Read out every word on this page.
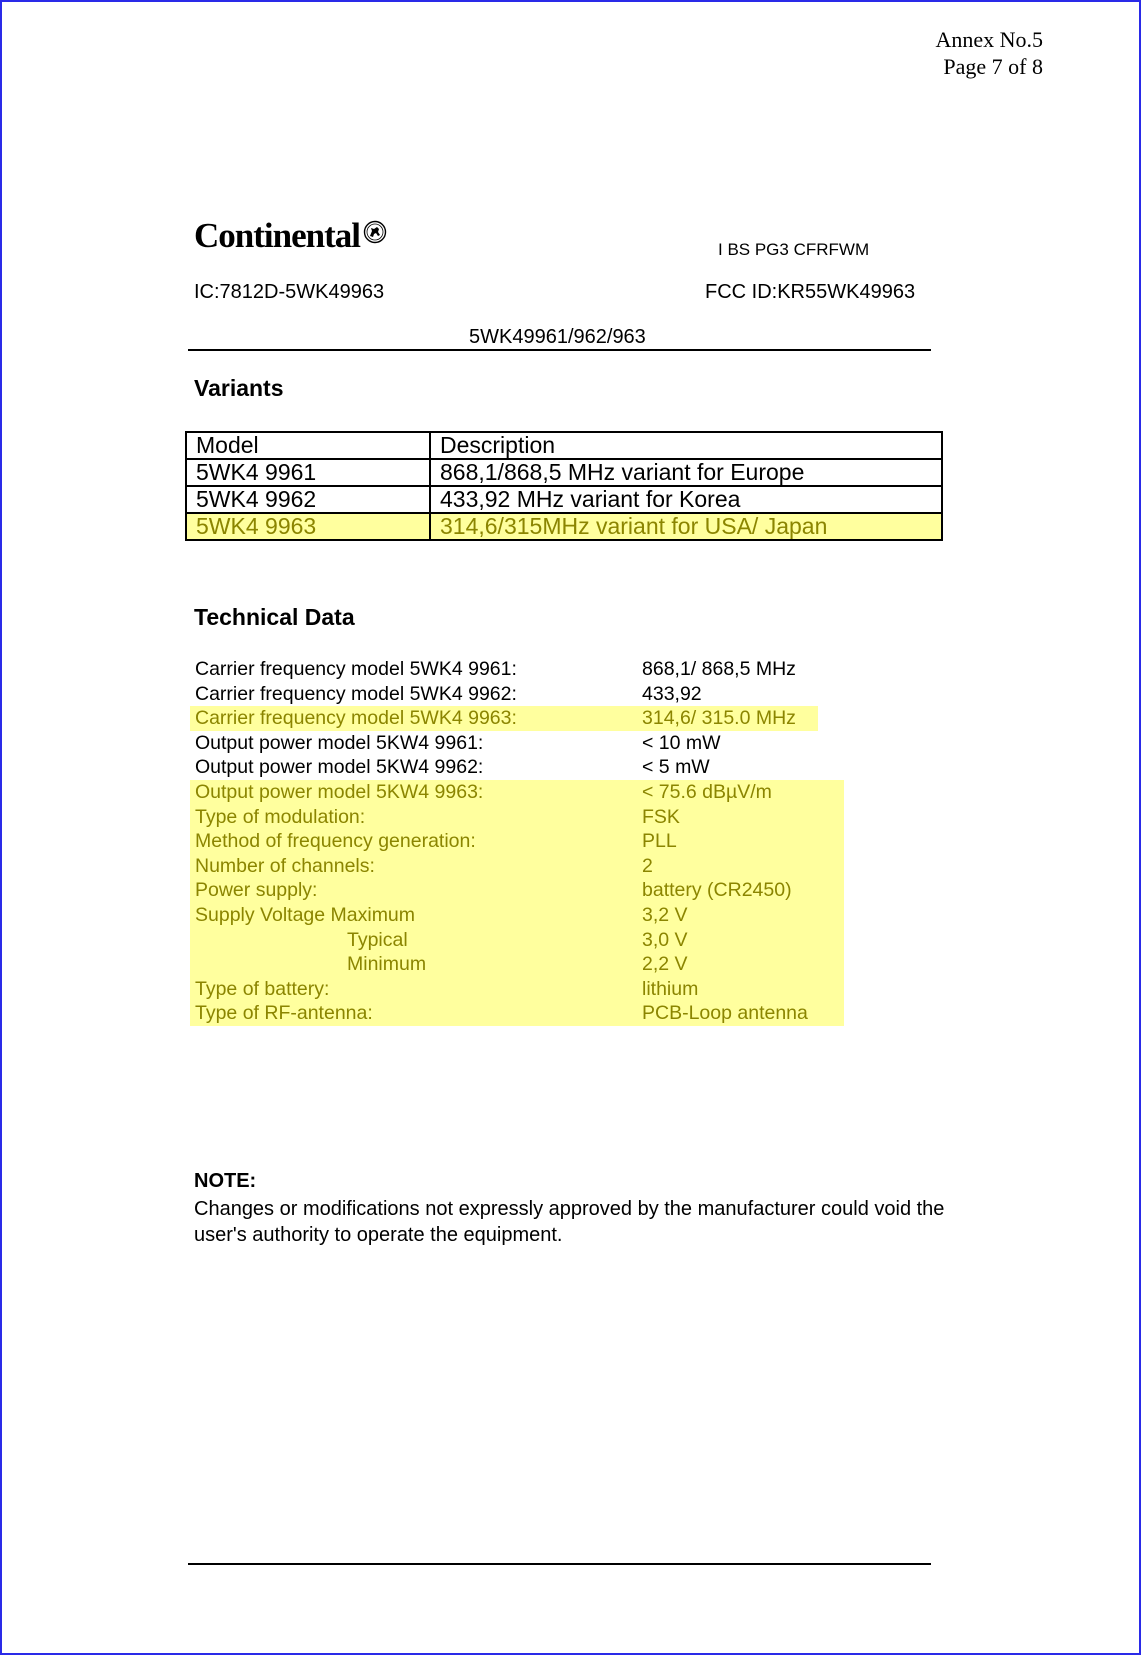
Annex No.5
Page 7 of 8
Continental	I BS PG3 CFRFWM
IC:7812D-5WK49963	FCC ID:KR55WK49963
5WK49961/962/963
Variants
Model	Description
5WK4 9961	868,1/868,5 MHz variant for Europe
5WK4 9962	433,92 MHz variant for Korea
5WK4 9963	314,6/315MHz variant for USA/ Japan
Technical Data
Carrier frequency model 5WK4 9961:	868,1/ 868,5 MHz
Carrier frequency model 5WK4 9962:	433,92
Carrier frequency model 5WK4 9963:	314,6/ 315.0 MHz
Output power model 5KW4 9961:	< 10 mW
Output power model 5KW4 9962:	< 5 mW
Output power model 5KW4 9963:	< 75.6 dBµV/m
Type of modulation:	FSK
Method of frequency generation:	PLL
Number of channels:	2
Power supply:	battery (CR2450)
Supply Voltage Maximum	3,2 V
Typical	3,0 V
Minimum	2,2 V
Type of battery:	lithium
Type of RF-antenna:	PCB-Loop antenna
NOTE:
Changes or modifications not expressly approved by the manufacturer could void the user's authority to operate the equipment.
